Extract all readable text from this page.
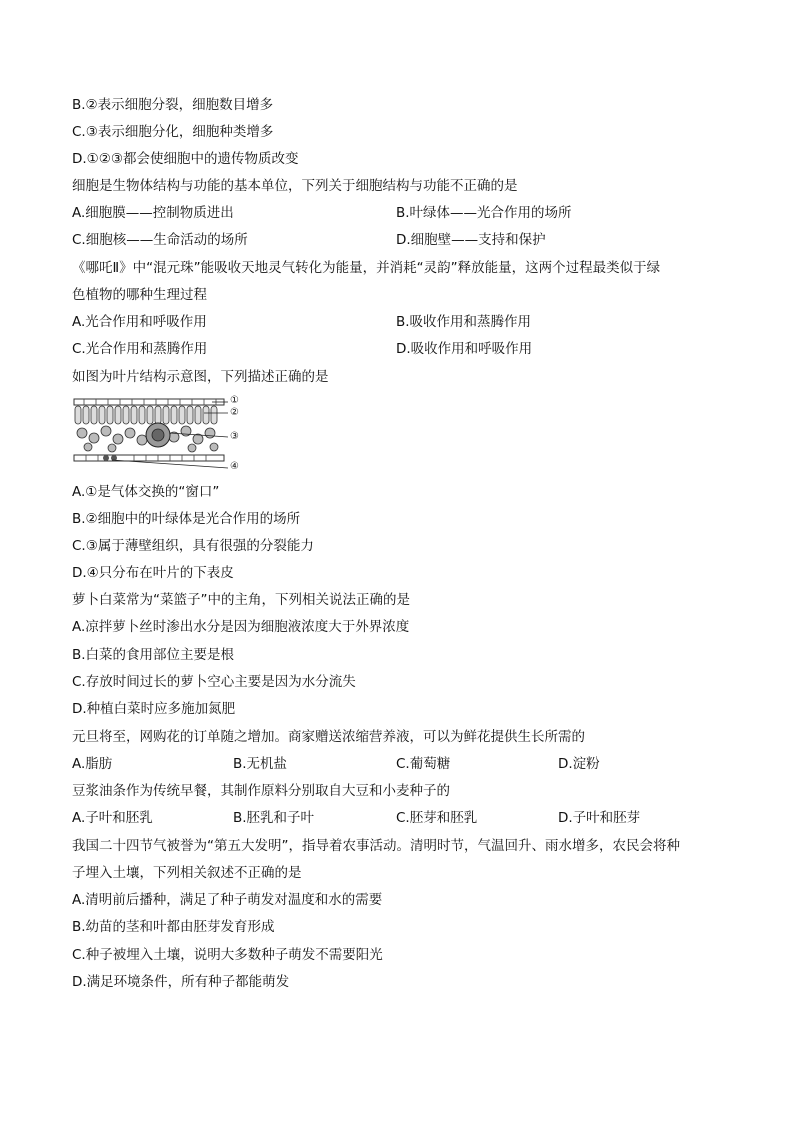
B.②表示细胞分裂，细胞数目增多
C.③表示细胞分化，细胞种类增多
D.①②③都会使细胞中的遗传物质改变
细胞是生物体结构与功能的基本单位，下列关于细胞结构与功能不正确的是
A.细胞膜——控制物质进出	B.叶绿体——光合作用的场所
C.细胞核——生命活动的场所	D.细胞壁——支持和保护
《哪吒Ⅱ》中“混元珠”能吸收天地灵气转化为能量，并消耗“灵韵”释放能量，这两个过程最类似于绿
色植物的哪种生理过程
A.光合作用和呼吸作用	B.吸收作用和蒸腾作用
C.光合作用和蒸腾作用	D.吸收作用和呼吸作用
如图为叶片结构示意图，下列描述正确的是
①
②
③
④
A.①是气体交换的“窗口”
B.②细胞中的叶绿体是光合作用的场所
C.③属于薄壁组织，具有很强的分裂能力
D.④只分布在叶片的下表皮
萝卜白菜常为“菜篮子”中的主角，下列相关说法正确的是
A.凉拌萝卜丝时渗出水分是因为细胞液浓度大于外界浓度
B.白菜的食用部位主要是根
C.存放时间过长的萝卜空心主要是因为水分流失
D.种植白菜时应多施加氮肥
元旦将至，网购花的订单随之增加。商家赠送浓缩营养液，可以为鲜花提供生长所需的
A.脂肪	B.无机盐	C.葡萄糖	D.淀粉
豆浆油条作为传统早餐，其制作原料分别取自大豆和小麦种子的
A.子叶和胚乳	B.胚乳和子叶	C.胚芽和胚乳	D.子叶和胚芽
我国二十四节气被誉为“第五大发明”，指导着农事活动。清明时节，气温回升、雨水增多，农民会将种
子埋入土壤，下列相关叙述不正确的是
A.清明前后播种，满足了种子萌发对温度和水的需要
B.幼苗的茎和叶都由胚芽发育形成
C.种子被埋入土壤，说明大多数种子萌发不需要阳光
D.满足环境条件，所有种子都能萌发
